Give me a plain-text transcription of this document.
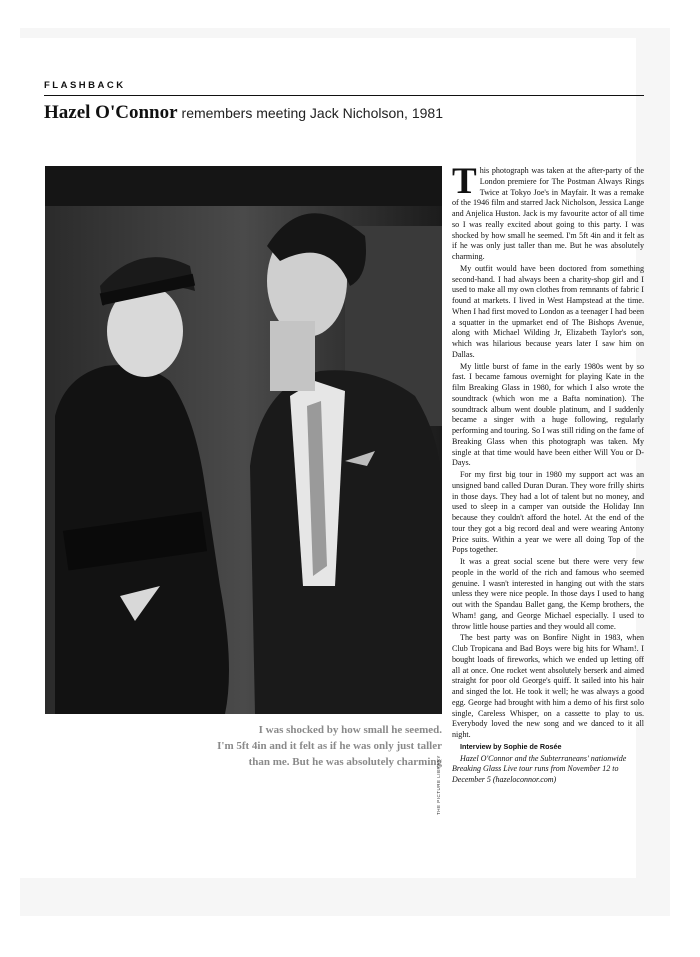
FLASHBACK
Hazel O'Connor remembers meeting Jack Nicholson, 1981
I was shocked by how small he seemed.
I'm 5ft 4in and it felt as if he was only just taller
than me. But he was absolutely charming
THE PICTURE LIBRARY

This photograph was taken at the after-party of the London premiere for The Postman Always Rings Twice at Tokyo Joe's in Mayfair. It was a remake of the 1946 film and starred Jack Nicholson, Jessica Lange and Anjelica Huston. Jack is my favourite actor of all time so I was really excited about going to this party. I was shocked by how small he seemed. I'm 5ft 4in and it felt as if he was only just taller than me. But he was absolutely charming.

My outfit would have been doctored from something second-hand. I had always been a charity-shop girl and I used to make all my own clothes from remnants of fabric I found at markets. I lived in West Hampstead at the time. When I had first moved to London as a teenager I had been a squatter in the upmarket end of The Bishops Avenue, along with Michael Wilding Jr, Elizabeth Taylor's son, which was hilarious because years later I saw him on Dallas.

My little burst of fame in the early 1980s went by so fast. I became famous overnight for playing Kate in the film Breaking Glass in 1980, for which I also wrote the soundtrack (which won me a Bafta nomination). The soundtrack album went double platinum, and I suddenly became a singer with a huge following, regularly performing and touring. So I was still riding on the fame of Breaking Glass when this photograph was taken. My single at that time would have been either Will You or D-Days.

For my first big tour in 1980 my support act was an unsigned band called Duran Duran. They wore frilly shirts in those days. They had a lot of talent but no money, and used to sleep in a camper van outside the Holiday Inn because they couldn't afford the hotel. At the end of the tour they got a big record deal and were wearing Antony Price suits. Within a year we were all doing Top of the Pops together.

It was a great social scene but there were very few people in the world of the rich and famous who seemed genuine. I wasn't interested in hanging out with the stars unless they were nice people. In those days I used to hang out with the Spandau Ballet gang, the Kemp brothers, the Wham! gang, and George Michael especially. I used to throw little house parties and they would all come.

The best party was on Bonfire Night in 1983, when Club Tropicana and Bad Boys were big hits for Wham!. I bought loads of fireworks, which we ended up letting off all at once. One rocket went absolutely berserk and aimed straight for poor old George's quiff. It sailed into his hair and singed the lot. He took it well; he was always a good egg. George had brought with him a demo of his first solo single, Careless Whisper, on a cassette to play to us. Everybody loved the new song and we danced to it all night.

Interview by Sophie de Rosée

Hazel O'Connor and the Subterraneans' nationwide Breaking Glass Live tour runs from November 12 to December 5 (hazeloconnor.com)
